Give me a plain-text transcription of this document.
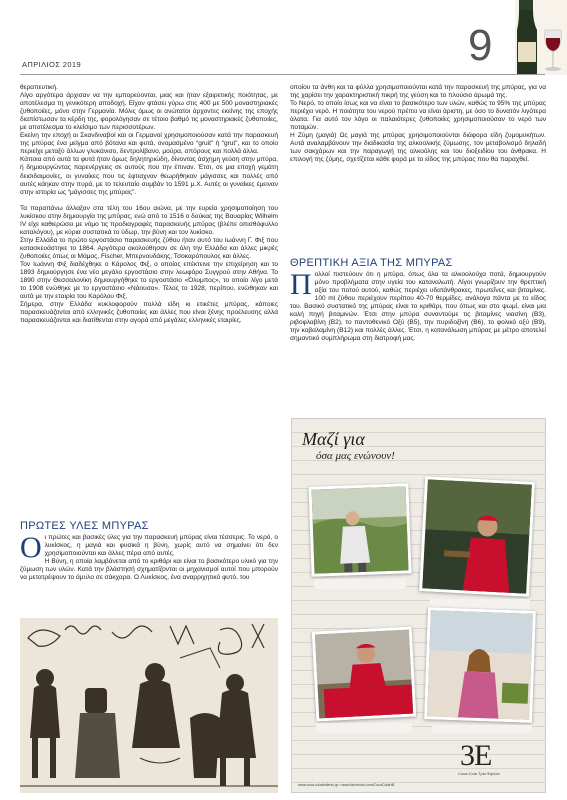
ΑΠΡΙΛΙΟΣ 2019	9

θεραπευτική.

Λίγο αργότερα άρχισαν να την εμπορεύονται, μιας και ήταν εξαιρετικής ποιότητας, με αποτέλεσμα τη γενικότερη αποδοχή. Είχαν φτάσει γύρω στις 400 με 500 μοναστηριακές ζυθοποιίες, μόνο στην Γερμανία. Μόλις όμως οι ανώτατοι άρχοντες εκείνης της εποχής διαπίστωσαν τα κέρδη της, φορολόγησαν σε τέτοιο βαθμό τις μοναστηριακές ζυθοποιίες, με αποτέλεσμα το κλείσιμο των περισσοτέρων.

Εκείνη την εποχή οι Σκανδιναβοί και οι Γερμανοί χρησιμοποιούσαν κατά την παρασκευή της μπύρας ένα μείγμα από βότανα και φυτά, ονομασμένο “gruit” ή “grut”, και το οποίο περιείχε μεταξύ άλλων γλυκάνισο, δεντρολίβανο, μούρα, σπόρους και πολλά άλλα.

Κάποια από αυτά τα φυτά ήταν όμως δηλητηριώδη, δίνοντας άσχημη γεύση στην μπύρα, ή δημιουργώντας παρενέργειες σε αυτούς που την έπιναν. Έτσι, σε μια εποχή γεμάτη δεισιδαιμονίες, οι γυναίκες που τις έφτιαχναν θεωρήθηκαν μάγισσες και πολλές από αυτές κάηκαν στην πυρά, με το τελευταίο συμβάν το 1591 μ.Χ. Αυτές οι γυναίκες έμειναν στην ιστορία ως “μάγισσες της μπύρας”.

Τα παραπάνω άλλαξαν στα τέλη του 16ου αιώνα, με την ευρεία χρησιμοποίηση του λυκίσκου στην δημιουργία της μπύρας, ενώ από το 1516 ο δούκας της Βαυαρίας Wilhelm IV είχε καθιερώσει με νόμο τις προδιαγραφές παρασκευής μπύρας (βλέπε οπισθόφυλλο καταλόγου), με κύρια συστατικά το ύδωρ, την βύνη και τον λυκίσκο.

Στην Ελλάδα το πρώτο εργοστάσιο παρασκευής ζύθου ήταν αυτό του Ιωάννη Γ. Φιξ που κατασκευάστηκε το 1864. Αργότερα ακολούθησαν σε όλη την Ελλάδα και άλλες μικρές ζυθοποιίες όπως οι Μάμος, Fischer, Μπερνουδάκης, Τσοκαρόπουλος και άλλες.

Τον Ιωάννη Φιξ διαδέχθηκε ο Κάρολος Φιξ, ο οποίος επέκτεινε την επιχείρηση και το 1893 δημιούργησε ένα νέο μεγάλο εργοστάσιο στην λεωφόρο Συγγρού στην Αθήνα. Το 1890 στην Θεσσαλονίκη δημιουργήθηκε το εργοστάσιο «Όλυμπος», το οποίο λίγο μετά το 1908 ενώθηκε με το εργοστάσιο «Νάουσα». Τέλος το 1928, περίπου, ενώθηκαν και αυτά με την εταιρία του Καρόλου Φιξ.

Σήμερα, στην Ελλάδα κυκλοφορούν πολλά είδη κι ετικέτες μπύρας, κάποιες παρασκευάζονται από ελληνικές ζυθοποιίες και άλλες που είναι ξένης προέλευσης αλλά παρασκευάζονται και διατίθενται στην αγορά από μεγάλες ελληνικές εταιρίες.

ΠΡΩΤΕΣ ΥΛΕΣ ΜΠΥΡΑΣ
Οι πρώτες και βασικές ύλες για την παρασκευή μπύρας είναι τέσσερις. Το νερό, ο λυκίσκος, η μαγιά και φυσικά η βύνη, χωρίς αυτό να σημαίνει ότι δεν χρησιμοποιούνται και άλλες πέρα από αυτές.
Η Βύνη, η οποία λαμβάνεται από το κριθάρι και είναι το βασικότερο υλικό για την ζύμωση των υλών. Κατά την βλάστησή σχηματίζονται οι μηχανισμοί αυτοί που μπορούν να μετατρέψουν το άμυλο σε σάκχαρα. Ο Λυκίσκος, ένα αναρριχητικό φυτό, του

οποίου τα άνθη και τα φύλλα χρησιμοποιούνται κατά την παρασκευή της μπύρας, για να της χαρίσει την χαρακτηριστική πικρή της γεύση και το πλούσιο άρωμά της.

Το Νερό, το οποίο ίσως και να είναι το βασικότερο των υλών, καθώς το 95% της μπύρας περιέχει νερό. Η ποιότητα του νερού πρέπει να είναι άριστη, με όσο το δυνατόν λιγότερα άλατα. Για αυτό τον λόγο οι παλαιότερες ζυθοποιίες χρησιμοποιούσαν το νερό των ποταμών.

Η Ζύμη (μαγιά) Ως μαγιά της μπύρας χρησιμοποιούνται διάφορα είδη ζυμομυκήτων. Αυτά αναλαμβάνουν την διαδικασία της αλκοολικής ζύμωσης, τον μεταβολισμό δηλαδή των σακχάρων και την παραγωγή της αλκοόλης και του διοξειδίου του άνθρακα. Η επιλογή της ζύμης, σχετίζεται κάθε φορά με το είδος της μπύρας που θα παραχθεί.

ΘΡΕΠΤΙΚΗ ΑΞΙΑ ΤΗΣ ΜΠΥΡΑΣ
Πολλοί πιστεύουν ότι η μπύρα, όπως όλα τα αλκοολούχα ποτά, δημιουργούν μόνο προβλήματα στην υγεία του καταναλωτή. Λίγοι γνωρίζουν την θρεπτική αξία του ποτού αυτού, καθώς περιέχει υδατάνθρακες, πρωτεΐνες και βιταμίνες. 100 ml ζύθου περιέχουν περίπου 40-70 θερμίδες, ανάλογα πάντα με το είδος του. Βασικό συστατικό της μπύρας είναι το κριθάρι, που όπως και στο ψωμί, είναι μια καλή πηγή βιταμινών. Έτσι στην μπύρα συναντούμε τις βιταμίνες νιασίνη (Β3), ριβοφλαβίνη (Β2), το παντοθενικό Οξύ (Β5), την πυριδοξίνη (Β6), το φολικό οξύ (Β9), την κοβαλαμίνη (Β12) και πολλές άλλες. Έτσι, η κατανάλωση μπύρας με μέτρο αποτελεί σημαντικό συμπλήρωμα στη διατροφή μας.
Μαζί για
όσα μας ενώνουν!
3E
Coca-Cola Τρία Έψιλον
www.coca-colahellenic.gr • www.facebook.com/CocaColaHB
